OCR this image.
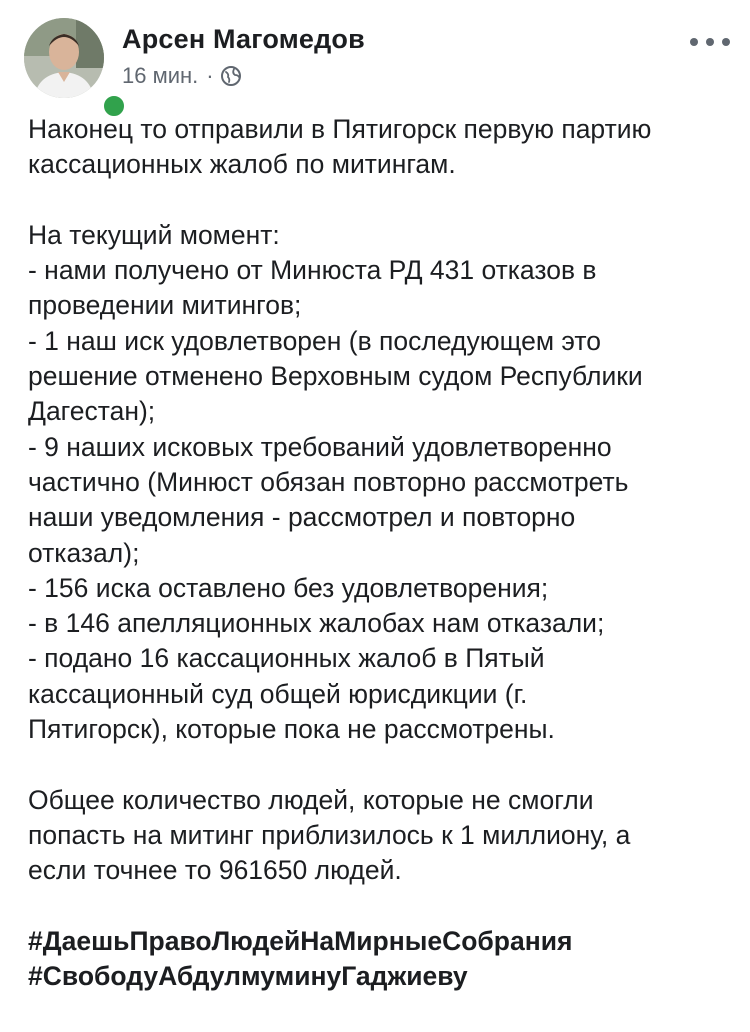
Арсен Магомедов
16 мин. ·

Наконец то отправили в Пятигорск первую партию

кассационных жалоб по митингам.

На текущий момент:

- нами получено от Минюста РД 431 отказов в

проведении митингов;

- 1 наш иск удовлетворен (в последующем это

решение отменено Верховным судом Республики

Дагестан);

- 9 наших исковых требований удовлетворенно

частично (Минюст обязан повторно рассмотреть

наши уведомления - рассмотрел и повторно

отказал);

- 156 иска оставлено без удовлетворения;

- в 146 апелляционных жалобах нам отказали;

- подано 16 кассационных жалоб в Пятый

кассационный суд общей юрисдикции (г.

Пятигорск), которые пока не рассмотрены.

Общее количество людей, которые не смогли

попасть на митинг приблизилось к 1 миллиону, а

если точнее то 961650 людей.

#ДаешьПравоЛюдейНаМирныеСобрания

#СвободуАбдулмуминуГаджиеву
